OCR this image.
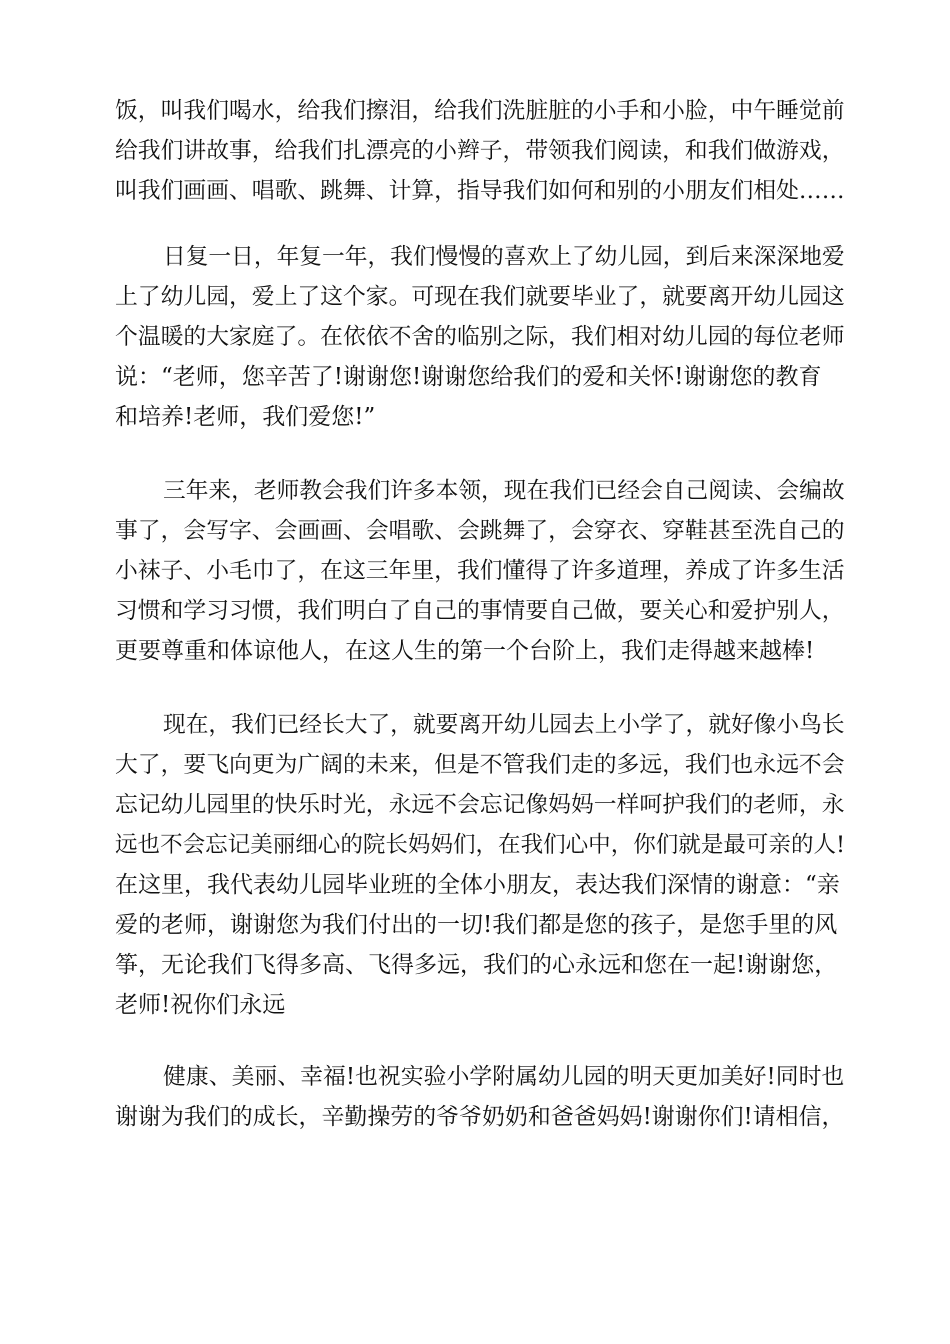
饭，叫我们喝水，给我们擦泪，给我们洗脏脏的小手和小脸，中午睡觉前
给我们讲故事，给我们扎漂亮的小辫子，带领我们阅读，和我们做游戏，
叫我们画画、唱歌、跳舞、计算，指导我们如何和别的小朋友们相处……
日复一日，年复一年，我们慢慢的喜欢上了幼儿园，到后来深深地爱
上了幼儿园，爱上了这个家。可现在我们就要毕业了，就要离开幼儿园这
个温暖的大家庭了。在依依不舍的临别之际，我们相对幼儿园的每位老师
说：“老师，您辛苦了!谢谢您!谢谢您给我们的爱和关怀!谢谢您的教育
和培养!老师，我们爱您!”
三年来，老师教会我们许多本领，现在我们已经会自己阅读、会编故
事了，会写字、会画画、会唱歌、会跳舞了，会穿衣、穿鞋甚至洗自己的
小袜子、小毛巾了，在这三年里，我们懂得了许多道理，养成了许多生活
习惯和学习习惯，我们明白了自己的事情要自己做，要关心和爱护别人，
更要尊重和体谅他人，在这人生的第一个台阶上，我们走得越来越棒!
现在，我们已经长大了，就要离开幼儿园去上小学了，就好像小鸟长
大了，要飞向更为广阔的未来，但是不管我们走的多远，我们也永远不会
忘记幼儿园里的快乐时光，永远不会忘记像妈妈一样呵护我们的老师，永
远也不会忘记美丽细心的院长妈妈们，在我们心中，你们就是最可亲的人!
在这里，我代表幼儿园毕业班的全体小朋友，表达我们深情的谢意：“亲
爱的老师，谢谢您为我们付出的一切!我们都是您的孩子，是您手里的风
筝，无论我们飞得多高、飞得多远，我们的心永远和您在一起!谢谢您，
老师!祝你们永远
健康、美丽、幸福!也祝实验小学附属幼儿园的明天更加美好!同时也
谢谢为我们的成长，辛勤操劳的爷爷奶奶和爸爸妈妈!谢谢你们!请相信，
